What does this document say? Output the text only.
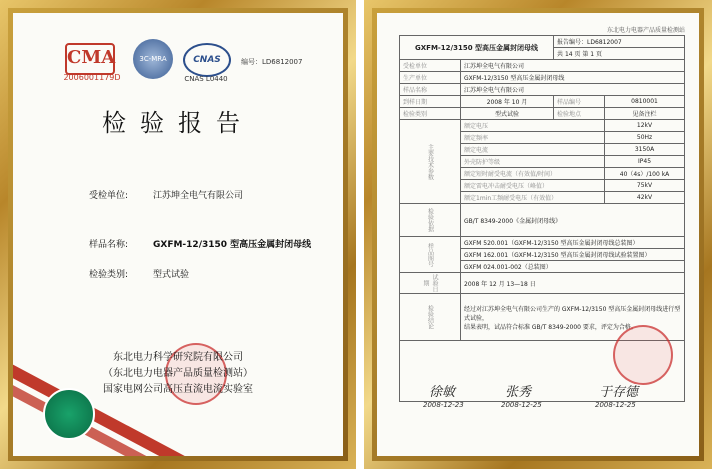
CMA
2006001179D
3C-MRA	CNAS
CNAS L0440
编号：LD6812007
检验报告
受检单位:	江苏坤全电气有限公司
样品名称:	GXFM-12/3150 型高压金属封闭母线
检验类别:	型式试验
东北电力科学研究院有限公司
（东北电力电器产品质量检测站）
国家电网公司高压直流电流实验室
东北电力电器产品质量检测站
GXFM-12/3150 型高压金属封闭母线		报告编号：LD6812007	
		共 14 页 第 1 页	
受检单位	江苏坤全电气有限公司		
生产单位	GXFM-12/3150 型高压金属封闭母线		
样品名称	江苏坤全电气有限公司		
到样日期	2008 年 10 月	样品编号	0810001
检验类别	型式试验	检验地点	见备注栏
主要技术参数	额定电压		12kV
	额定频率		50Hz
	额定电流		3150A
	外壳防护等级		IP45
	额定短时耐受电流（有效值/时间）		40（4s）/100 kA
	额定雷电冲击耐受电压（峰值）		75kV
	额定1min工频耐受电压（有效值）		42kV
检验依据	GB/T 8349-2000《金属封闭母线》		
样品图号	GXFM 520.001（GXFM-12/3150 型高压金属封闭母线总装图）		
	GXFM 162.001（GXFM-12/3150 型高压金属封闭母线试验装置图）		
	GXFM 024.001-002（总装图）		
试验日期	2008 年 12 月 13—18 日		
检验结论	经过对江苏坤全电气有限公司生产的 GXFM-12/3150 型高压金属封闭母线进行型式试验，
结果表明，试品符合标准 GB/T 8349-2000 要求，评定为合格。		

徐敏
2008-12-23
张秀
2008-12-25
于存德
2008-12-25
